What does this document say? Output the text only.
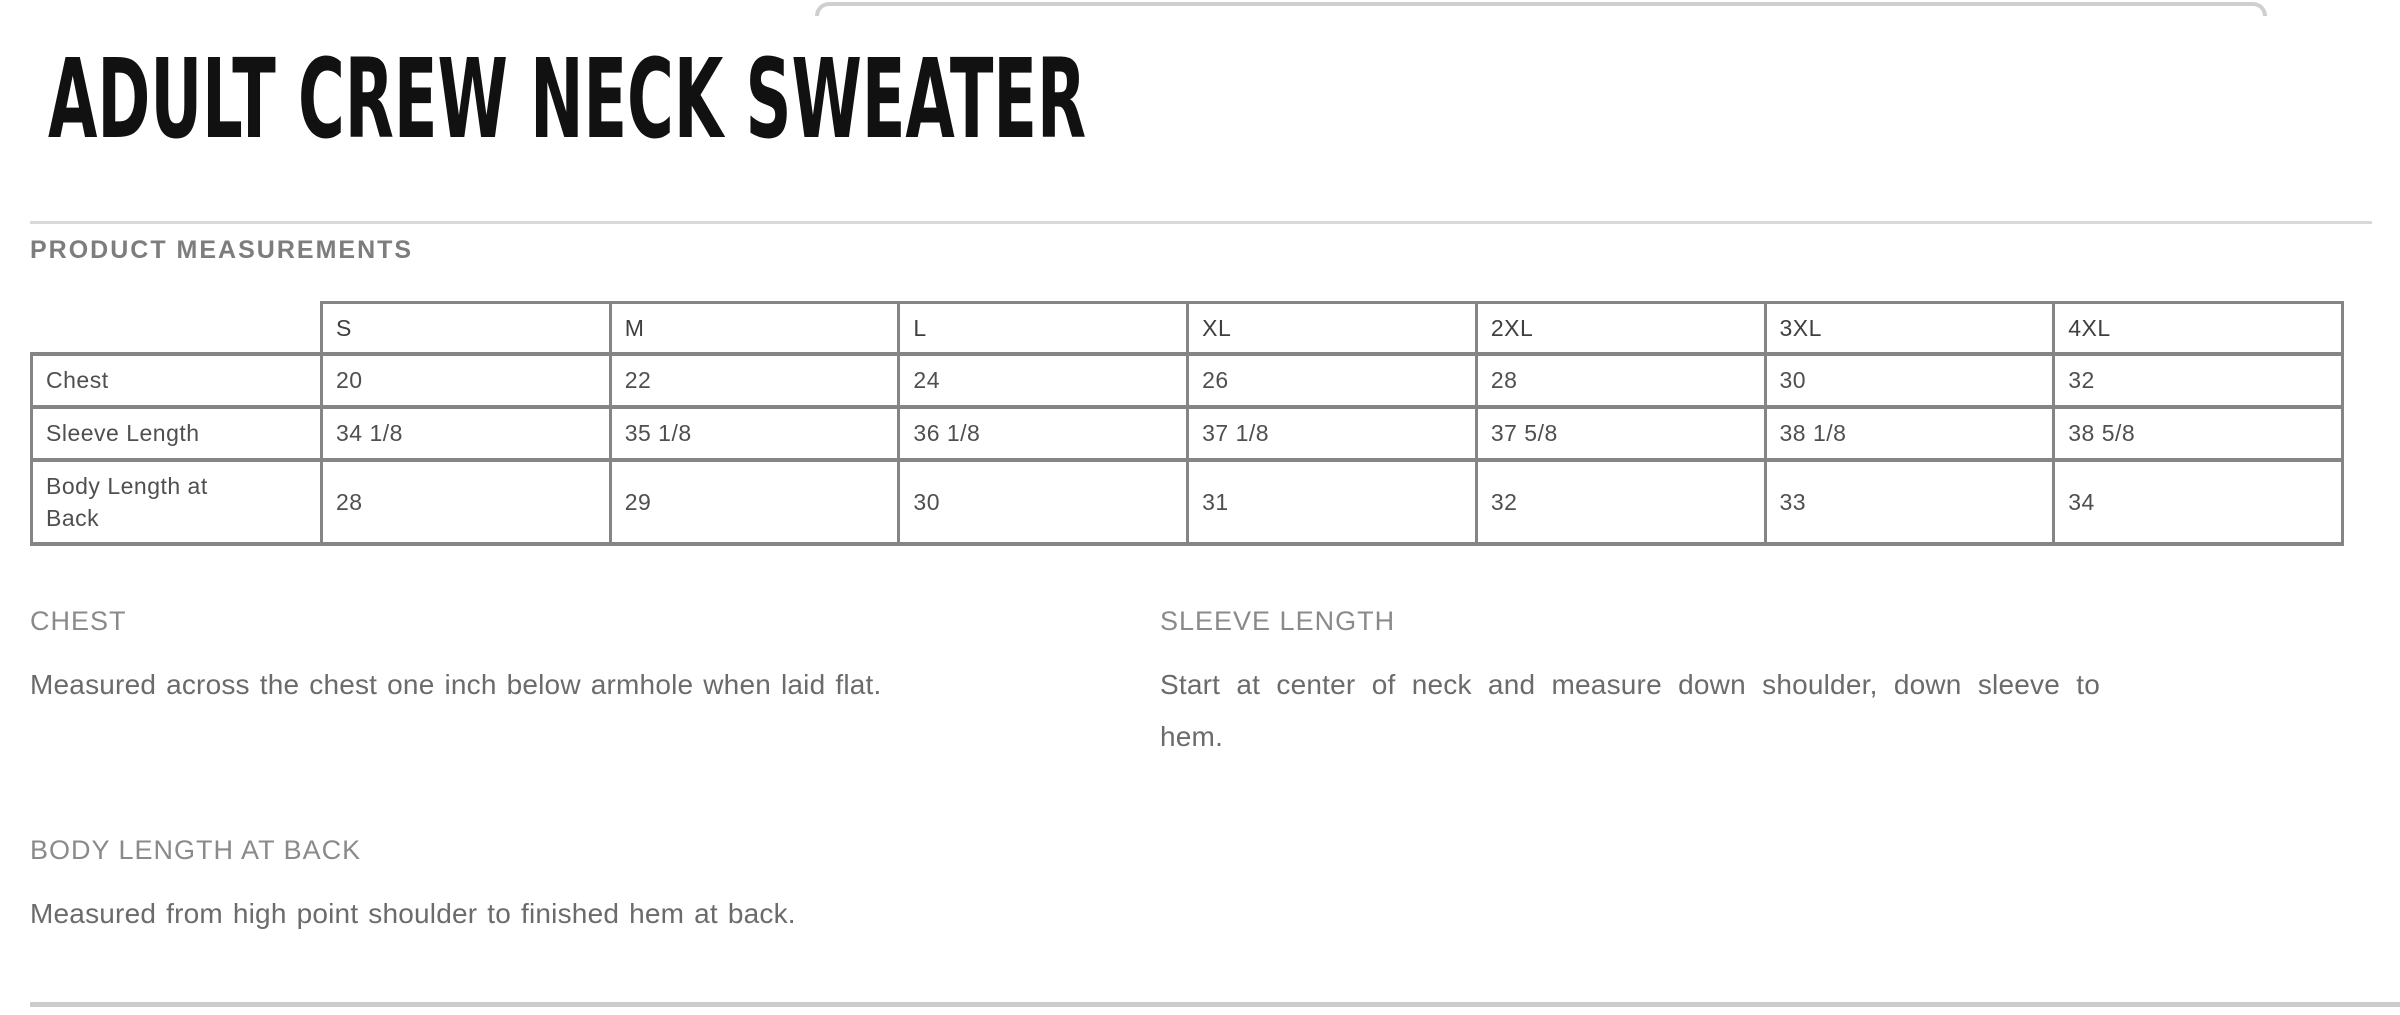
ADULT CREW NECK SWEATER
PRODUCT MEASUREMENTS
	S	M	L	XL	2XL	3XL	4XL

Chest	20	22	24	26	28	30	32

Sleeve Length	34 1/8	35 1/8	36 1/8	37 1/8	37 5/8	38 1/8	38 5/8

Body Length at Back	28	29	30	31	32	33	34
CHEST

Measured across the chest one inch below armhole when laid flat.

SLEEVE LENGTH

Start at center of neck and measure down shoulder, down sleeve to hem.

BODY LENGTH AT BACK

Measured from high point shoulder to finished hem at back.
